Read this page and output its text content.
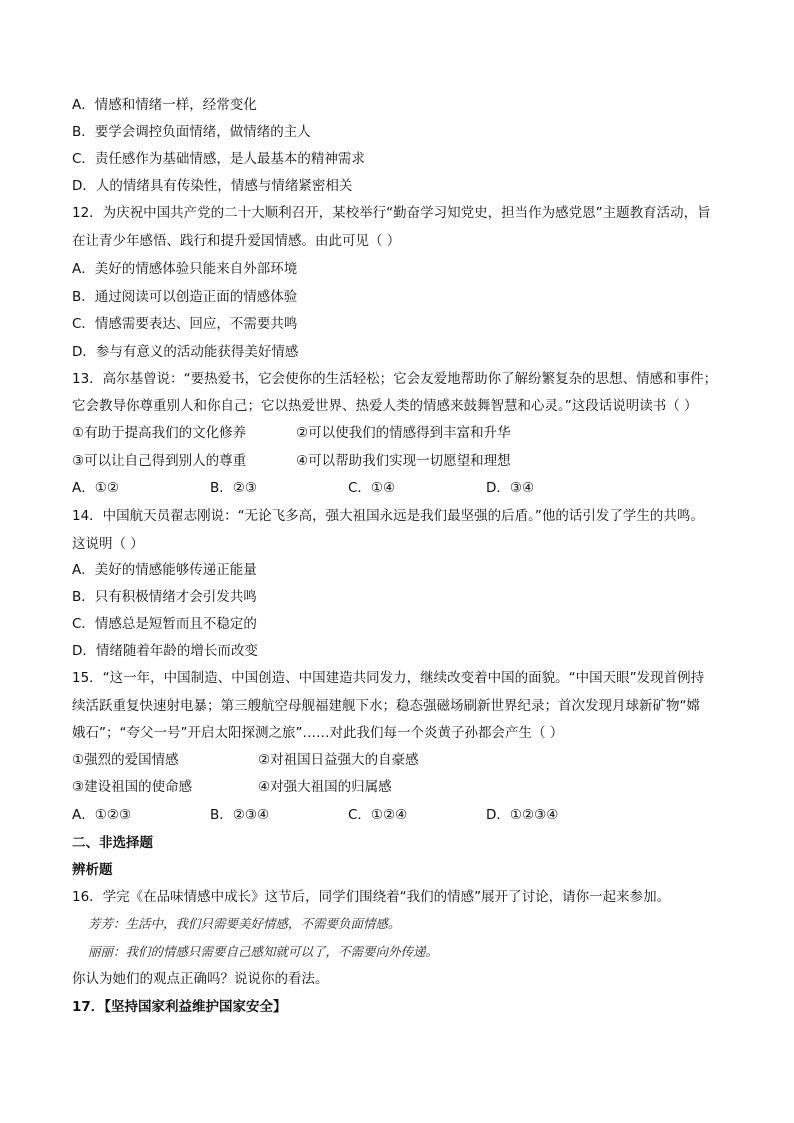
A．情感和情绪一样，经常变化
B．要学会调控负面情绪，做情绪的主人
C．责任感作为基础情感，是人最基本的精神需求
D．人的情绪具有传染性，情感与情绪紧密相关
12．为庆祝中国共产党的二十大顺利召开，某校举行“勤奋学习知党史，担当作为感党恩”主题教育活动，旨
在让青少年感悟、践行和提升爱国情感。由此可见（ ）
A．美好的情感体验只能来自外部环境
B．通过阅读可以创造正面的情感体验
C．情感需要表达、回应，不需要共鸣
D．参与有意义的活动能获得美好情感
13．高尔基曾说：“要热爱书，它会使你的生活轻松；它会友爱地帮助你了解纷繁复杂的思想、情感和事件；
它会教导你尊重别人和你自己；它以热爱世界、热爱人类的情感来鼓舞智慧和心灵。”这段话说明读书（ ）
①有助于提高我们的文化修养	②可以使我们的情感得到丰富和升华
③可以让自己得到别人的尊重	④可以帮助我们实现一切愿望和理想
A．①②	B．②③	C．①④	D．③④
14．中国航天员翟志刚说：“无论飞多高，强大祖国永远是我们最坚强的后盾。”他的话引发了学生的共鸣。
这说明（ ）
A．美好的情感能够传递正能量
B．只有积极情绪才会引发共鸣
C．情感总是短暂而且不稳定的
D．情绪随着年龄的增长而改变
15．“这一年，中国制造、中国创造、中国建造共同发力，继续改变着中国的面貌。“中国天眼”发现首例持
续活跃重复快速射电暴；第三艘航空母舰福建舰下水；稳态强磁场刷新世界纪录；首次发现月球新矿物“嫦
娥石”；“夸父一号”开启太阳探测之旅”……对此我们每一个炎黄子孙都会产生（ ）
①强烈的爱国情感	②对祖国日益强大的自豪感
③建设祖国的使命感	④对强大祖国的归属感
A．①②③	B．②③④	C．①②④	D．①②③④
二、非选择题
辨析题
16．学完《在品味情感中成长》这节后，同学们围绕着“我们的情感”展开了讨论，请你一起来参加。
芳芳：生活中，我们只需要美好情感，不需要负面情感。
丽丽：我们的情感只需要自己感知就可以了，不需要向外传递。
你认为她们的观点正确吗？说说你的看法。
17．【坚持国家利益维护国家安全】
